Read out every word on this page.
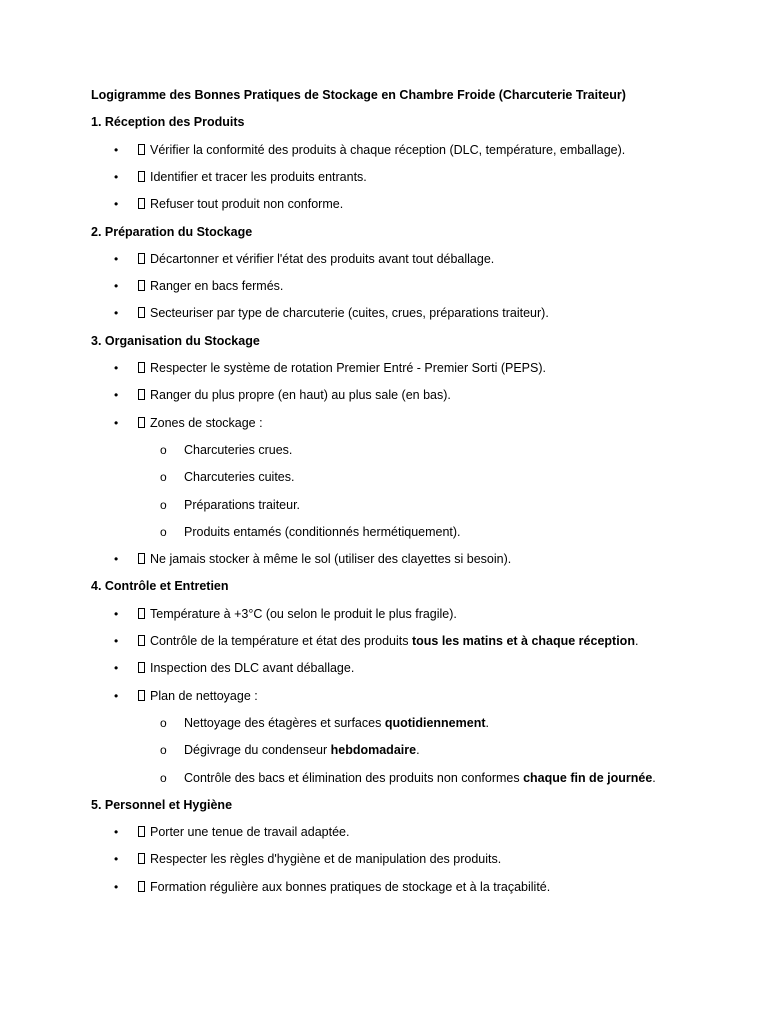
Logigramme des Bonnes Pratiques de Stockage en Chambre Froide (Charcuterie Traiteur)
1. Réception des Produits
•	Vérifier la conformité des produits à chaque réception (DLC, température, emballage).
•	Identifier et tracer les produits entrants.
•	Refuser tout produit non conforme.
2. Préparation du Stockage
•	Décartonner et vérifier l'état des produits avant tout déballage.
•	Ranger en bacs fermés.
•	Secteuriser par type de charcuterie (cuites, crues, préparations traiteur).
3. Organisation du Stockage
•	Respecter le système de rotation Premier Entré - Premier Sorti (PEPS).
•	Ranger du plus propre (en haut) au plus sale (en bas).
•	Zones de stockage :
o Charcuteries crues.
o Charcuteries cuites.
o Préparations traiteur.
o Produits entamés (conditionnés hermétiquement).
•	Ne jamais stocker à même le sol (utiliser des clayettes si besoin).
4. Contrôle et Entretien
•	Température à +3°C (ou selon le produit le plus fragile).
•	Contrôle de la température et état des produits tous les matins et à chaque réception.
•	Inspection des DLC avant déballage.
•	Plan de nettoyage :
o Nettoyage des étagères et surfaces quotidiennement.
o Dégivrage du condenseur hebdomadaire.
o Contrôle des bacs et élimination des produits non conformes chaque fin de journée.
5. Personnel et Hygiène
•	Porter une tenue de travail adaptée.
•	Respecter les règles d'hygiène et de manipulation des produits.
•	Formation régulière aux bonnes pratiques de stockage et à la traçabilité.
